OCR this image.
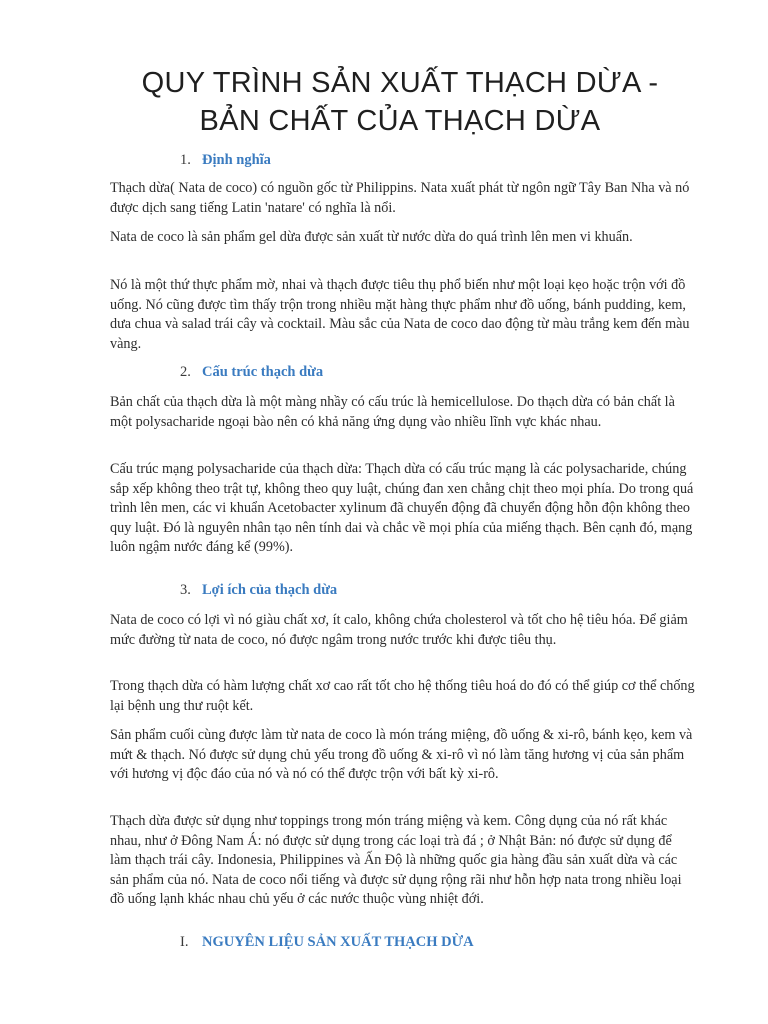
QUY TRÌNH SẢN XUẤT THẠCH DỪA -
BẢN CHẤT CỦA THẠCH DỪA
1. Định nghĩa

Thạch dừa( Nata de coco) có nguồn gốc từ Philippins. Nata xuất phát từ ngôn ngữ Tây Ban Nha và nó được dịch sang tiếng Latin 'natare' có nghĩa là nổi.

Nata de coco là sản phẩm gel dừa được sản xuất từ nước dừa do quá trình lên men vi khuẩn.

Nó là một thứ thực phẩm mờ, nhai và thạch được tiêu thụ phổ biến như một loại kẹo hoặc trộn với đồ uống. Nó cũng được tìm thấy trộn trong nhiều mặt hàng thực phẩm như đồ uống, bánh pudding, kem, dưa chua và salad trái cây và cocktail. Màu sắc của Nata de coco dao động từ màu trắng kem đến màu vàng.

2. Cấu trúc thạch dừa

Bản chất của thạch dừa là một màng nhầy có cấu trúc là hemicellulose. Do thạch dừa có bản chất là một polysacharide ngoại bào nên có khả năng ứng dụng vào nhiều lĩnh vực khác nhau.

Cấu trúc mạng polysacharide của thạch dừa: Thạch dừa có cấu trúc mạng là các polysacharide, chúng sắp xếp không theo trật tự, không theo quy luật, chúng đan xen chằng chịt theo mọi phía. Do trong quá trình lên men, các vi khuẩn Acetobacter xylinum đã chuyển động đã chuyển động hỗn độn không theo quy luật. Đó là nguyên nhân tạo nên tính dai và chắc về mọi phía của miếng thạch. Bên cạnh đó, mạng luôn ngậm nước đáng kể (99%).

3. Lợi ích của thạch dừa

Nata de coco có lợi vì nó giàu chất xơ, ít calo, không chứa cholesterol và tốt cho hệ tiêu hóa. Để giảm mức đường từ nata de coco, nó được ngâm trong nước trước khi được tiêu thụ.

Trong thạch dừa có hàm lượng chất xơ cao rất tốt cho hệ thống tiêu hoá do đó có thể giúp cơ thể chống lại bệnh ung thư ruột kết.

Sản phẩm cuối cùng được làm từ nata de coco là món tráng miệng, đồ uống & xi-rô, bánh kẹo, kem và mứt & thạch. Nó được sử dụng chủ yếu trong đồ uống & xi-rô vì nó làm tăng hương vị của sản phẩm với hương vị độc đáo của nó và nó có thể được trộn với bất kỳ xi-rô.

Thạch dừa được sử dụng như toppings trong món tráng miệng và kem. Công dụng của nó rất khác nhau, như ở Đông Nam Á: nó được sử dụng trong các loại trà đá ; ở Nhật Bản: nó được sử dụng để làm thạch trái cây. Indonesia, Philippines và Ấn Độ là những quốc gia hàng đầu sản xuất dừa và các sản phẩm của nó. Nata de coco nổi tiếng và được sử dụng rộng rãi như hỗn hợp nata trong nhiều loại đồ uống lạnh khác nhau chủ yếu ở các nước thuộc vùng nhiệt đới.

I. NGUYÊN LIỆU SẢN XUẤT THẠCH DỪA
